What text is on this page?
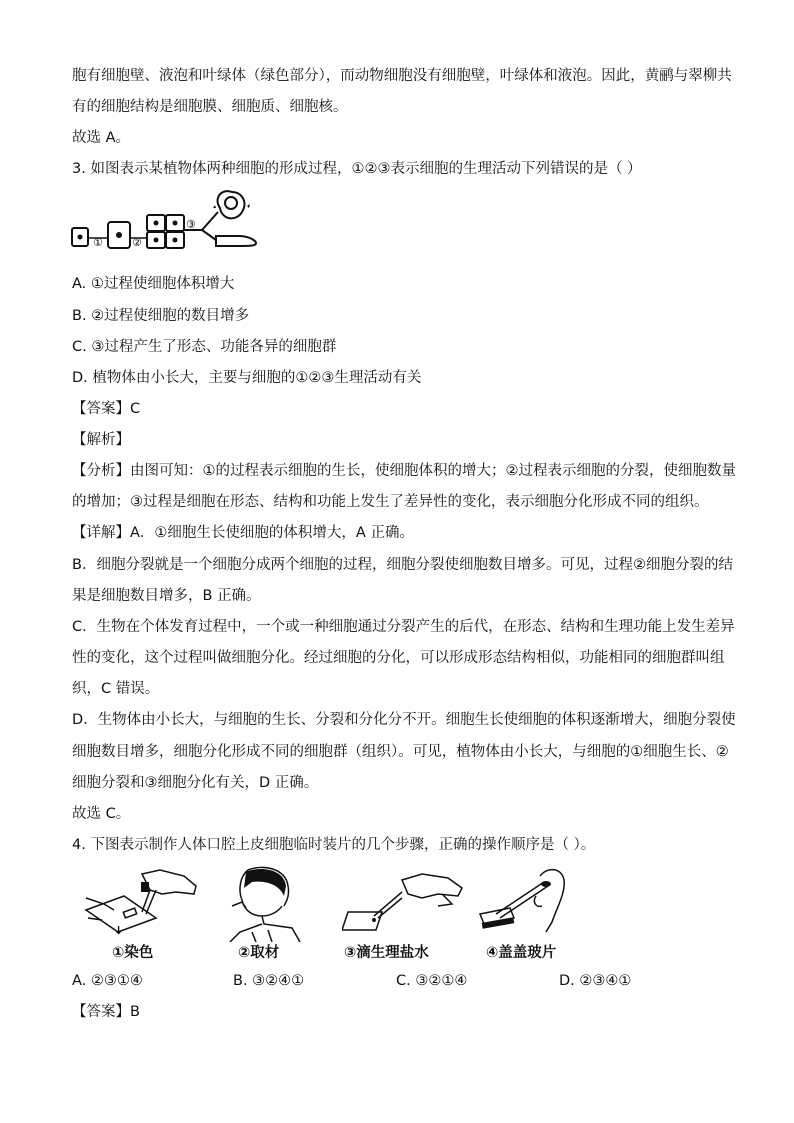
胞有细胞壁、液泡和叶绿体（绿色部分），而动物细胞没有细胞壁，叶绿体和液泡。因此，黄鹂与翠柳共
有的细胞结构是细胞膜、细胞质、细胞核。
故选 A。
3. 如图表示某植物体两种细胞的形成过程，①②③表示细胞的生理活动下列错误的是（ ）
①	②
③
A. ①过程使细胞体积增大
B. ②过程使细胞的数目增多
C. ③过程产生了形态、功能各异的细胞群
D. 植物体由小长大，主要与细胞的①②③生理活动有关
【答案】C
【解析】
【分析】由图可知：①的过程表示细胞的生长，使细胞体积的增大；②过程表示细胞的分裂，使细胞数量
的增加；③过程是细胞在形态、结构和功能上发生了差异性的变化，表示细胞分化形成不同的组织。
【详解】A．①细胞生长使细胞的体积增大，A 正确。
B．细胞分裂就是一个细胞分成两个细胞的过程，细胞分裂使细胞数目增多。可见，过程②细胞分裂的结
果是细胞数目增多，B 正确。
C．生物在个体发育过程中，一个或一种细胞通过分裂产生的后代，在形态、结构和生理功能上发生差异
性的变化，这个过程叫做细胞分化。经过细胞的分化，可以形成形态结构相似，功能相同的细胞群叫组
织，C 错误。
D．生物体由小长大，与细胞的生长、分裂和分化分不开。细胞生长使细胞的体积逐渐增大，细胞分裂使
细胞数目增多，细胞分化形成不同的细胞群（组织）。可见，植物体由小长大，与细胞的①细胞生长、②
细胞分裂和③细胞分化有关，D 正确。
故选 C。
4. 下图表示制作人体口腔上皮细胞临时装片的几个步骤，正确的操作顺序是（ ）。
↓
①染色	②取材	③滴生理盐水	④盖盖玻片
A. ②③①④	B. ③②④①	C. ③②①④	D. ②③④①
【答案】B
